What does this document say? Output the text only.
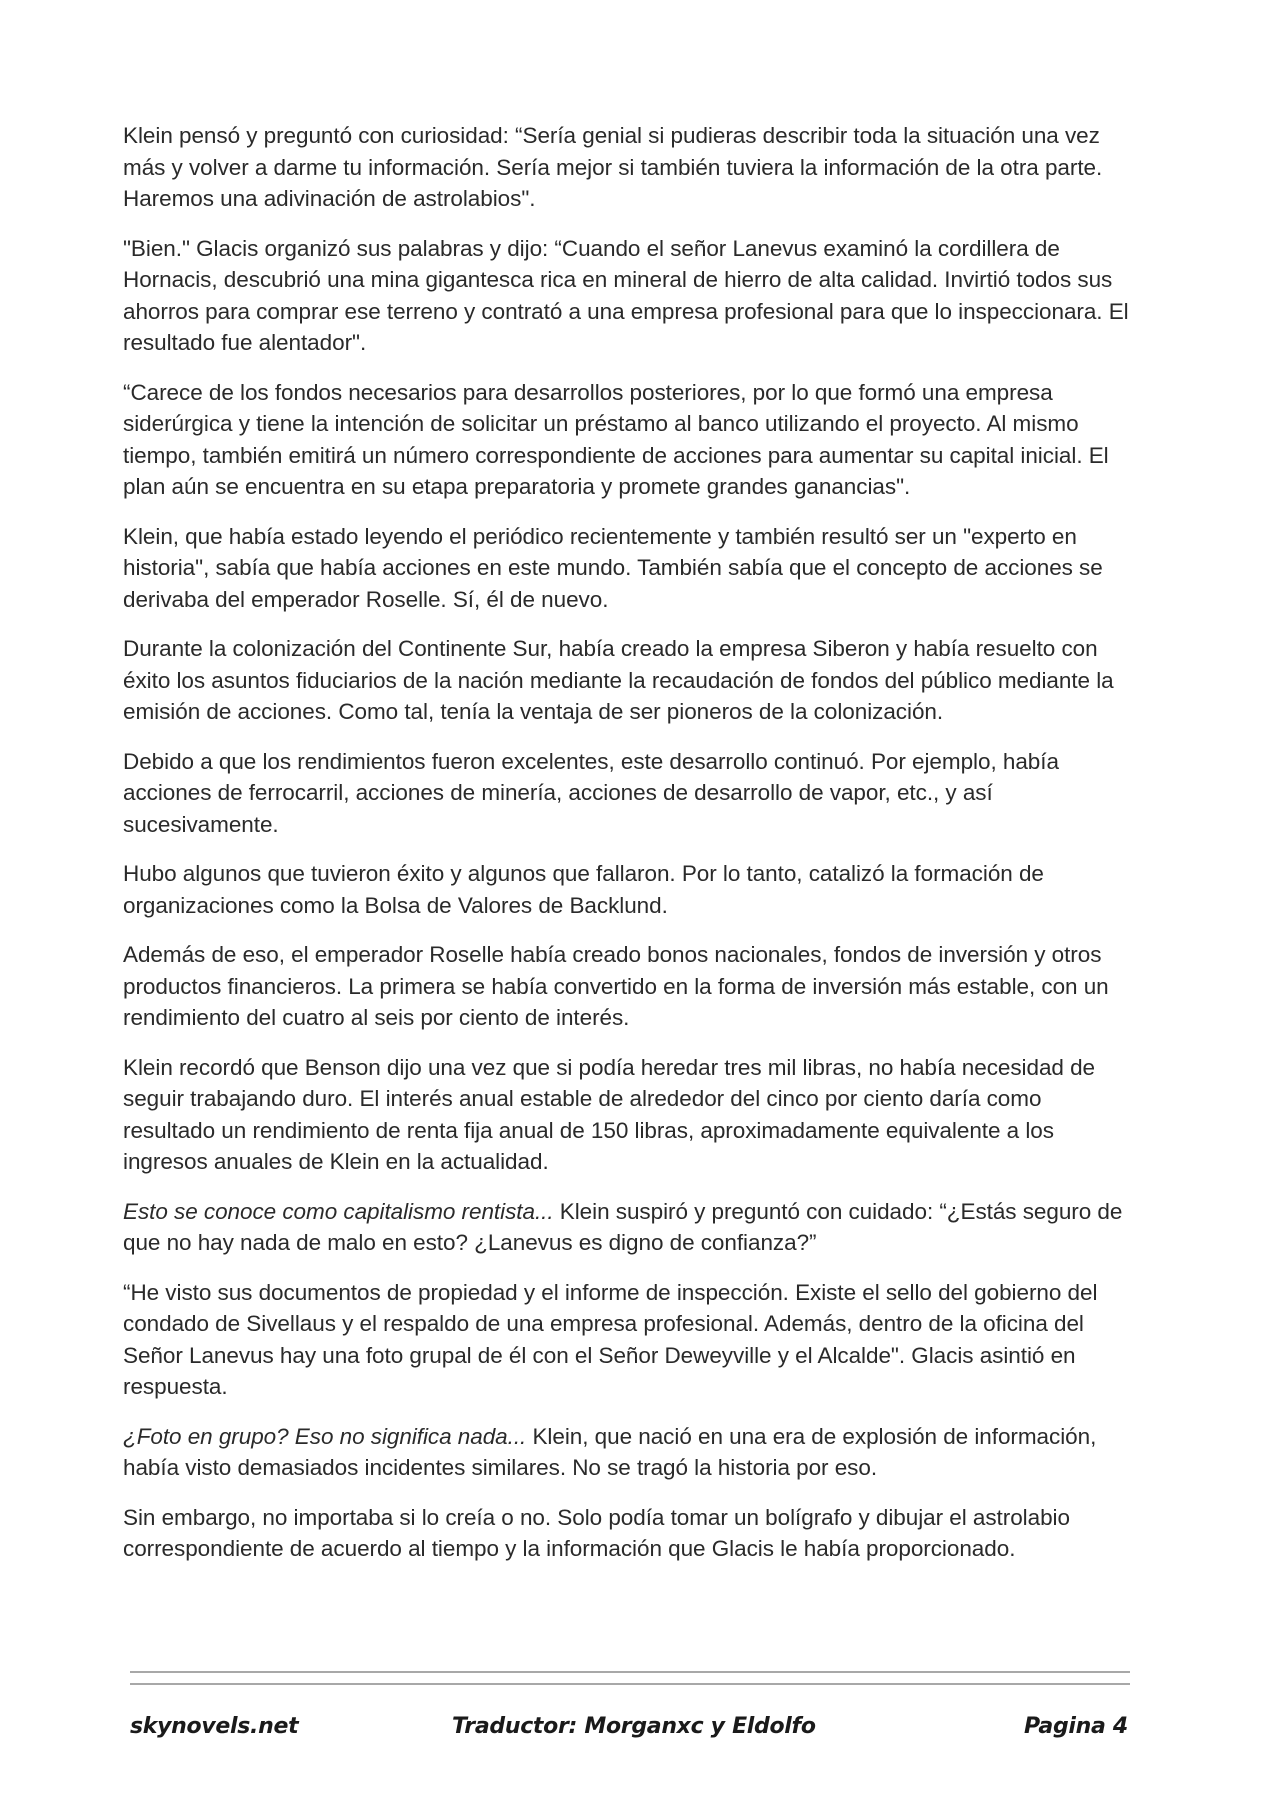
Klein pensó y preguntó con curiosidad: “Sería genial si pudieras describir toda la situación una vez más y volver a darme tu información. Sería mejor si también tuviera la información de la otra parte. Haremos una adivinación de astrolabios".

"Bien." Glacis organizó sus palabras y dijo: “Cuando el señor Lanevus examinó la cordillera de Hornacis, descubrió una mina gigantesca rica en mineral de hierro de alta calidad. Invirtió todos sus ahorros para comprar ese terreno y contrató a una empresa profesional para que lo inspeccionara. El resultado fue alentador".

“Carece de los fondos necesarios para desarrollos posteriores, por lo que formó una empresa siderúrgica y tiene la intención de solicitar un préstamo al banco utilizando el proyecto. Al mismo tiempo, también emitirá un número correspondiente de acciones para aumentar su capital inicial. El plan aún se encuentra en su etapa preparatoria y promete grandes ganancias".

Klein, que había estado leyendo el periódico recientemente y también resultó ser un "experto en historia", sabía que había acciones en este mundo. También sabía que el concepto de acciones se derivaba del emperador Roselle. Sí, él de nuevo.

Durante la colonización del Continente Sur, había creado la empresa Siberon y había resuelto con éxito los asuntos fiduciarios de la nación mediante la recaudación de fondos del público mediante la emisión de acciones. Como tal, tenía la ventaja de ser pioneros de la colonización.

Debido a que los rendimientos fueron excelentes, este desarrollo continuó. Por ejemplo, había acciones de ferrocarril, acciones de minería, acciones de desarrollo de vapor, etc., y así sucesivamente.

Hubo algunos que tuvieron éxito y algunos que fallaron. Por lo tanto, catalizó la formación de organizaciones como la Bolsa de Valores de Backlund.

Además de eso, el emperador Roselle había creado bonos nacionales, fondos de inversión y otros productos financieros. La primera se había convertido en la forma de inversión más estable, con un rendimiento del cuatro al seis por ciento de interés.

Klein recordó que Benson dijo una vez que si podía heredar tres mil libras, no había necesidad de seguir trabajando duro. El interés anual estable de alrededor del cinco por ciento daría como resultado un rendimiento de renta fija anual de 150 libras, aproximadamente equivalente a los ingresos anuales de Klein en la actualidad.

Esto se conoce como capitalismo rentista... Klein suspiró y preguntó con cuidado: “¿Estás seguro de que no hay nada de malo en esto? ¿Lanevus es digno de confianza?”

“He visto sus documentos de propiedad y el informe de inspección. Existe el sello del gobierno del condado de Sivellaus y el respaldo de una empresa profesional. Además, dentro de la oficina del Señor Lanevus hay una foto grupal de él con el Señor Deweyville y el Alcalde". Glacis asintió en respuesta.

¿Foto en grupo? Eso no significa nada... Klein, que nació en una era de explosión de información, había visto demasiados incidentes similares. No se tragó la historia por eso.

Sin embargo, no importaba si lo creía o no. Solo podía tomar un bolígrafo y dibujar el astrolabio correspondiente de acuerdo al tiempo y la información que Glacis le había proporcionado.

skynovels.net	Traductor: Morganxc y Eldolfo	Pagina 4
